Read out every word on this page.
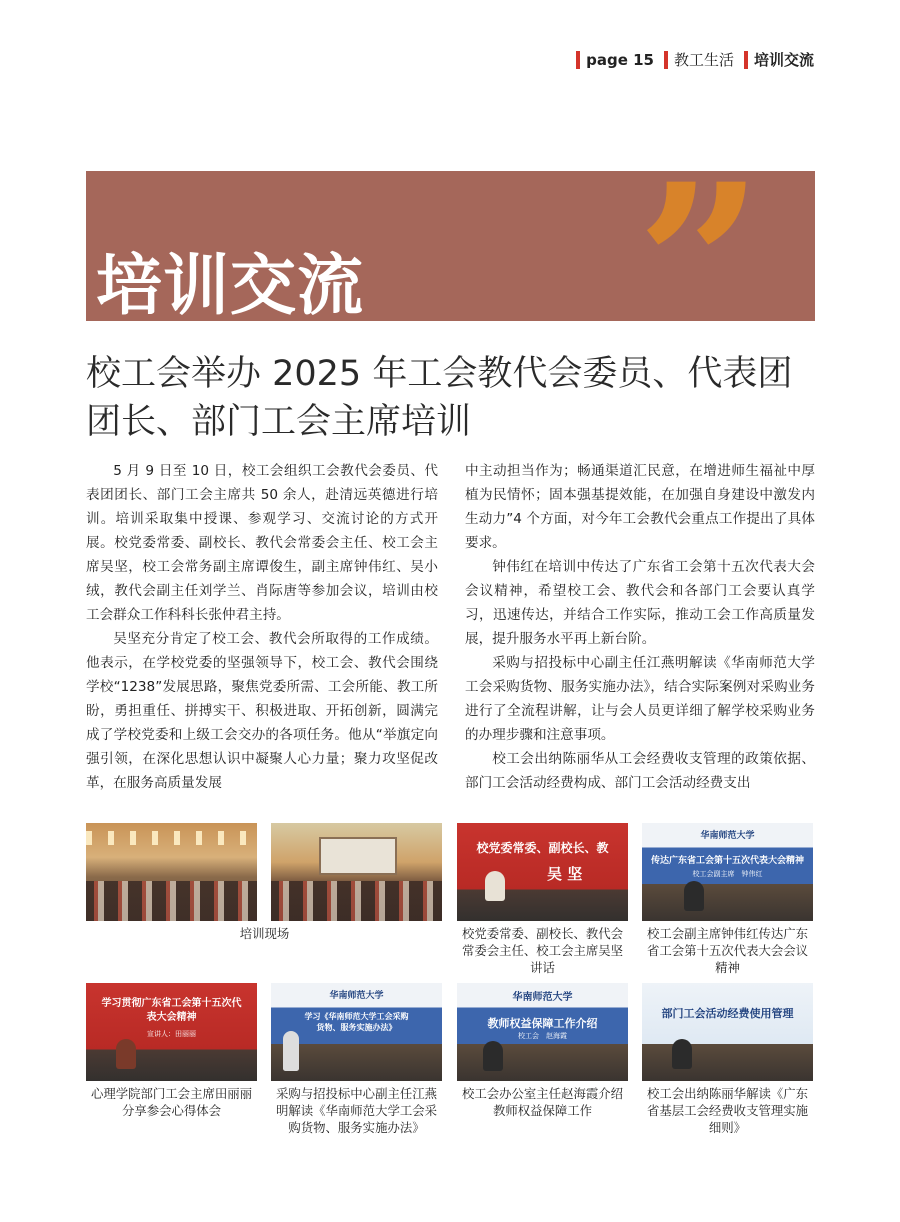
page 15 教工生活 培训交流
培训交流 ”
校工会举办 2025 年工会教代会委员、代表团团长、部门工会主席培训

5 月 9 日至 10 日，校工会组织工会教代会委员、代表团团长、部门工会主席共 50 余人，赴清远英德进行培训。培训采取集中授课、参观学习、交流讨论的方式开展。校党委常委、副校长、教代会常委会主任、校工会主席吴坚，校工会常务副主席谭俊生，副主席钟伟红、吴小绒，教代会副主任刘学兰、肖际唐等参加会议，培训由校工会群众工作科科长张仲君主持。

吴坚充分肯定了校工会、教代会所取得的工作成绩。他表示，在学校党委的坚强领导下，校工会、教代会围绕学校“1238”发展思路，聚焦党委所需、工会所能、教工所盼，勇担重任、拼搏实干、积极进取、开拓创新，圆满完成了学校党委和上级工会交办的各项任务。他从“举旗定向强引领，在深化思想认识中凝聚人心力量；聚力攻坚促改革，在服务高质量发展

中主动担当作为；畅通渠道汇民意，在增进师生福祉中厚植为民情怀；固本强基提效能，在加强自身建设中激发内生动力”4 个方面，对今年工会教代会重点工作提出了具体要求。

钟伟红在培训中传达了广东省工会第十五次代表大会会议精神，希望校工会、教代会和各部门工会要认真学习，迅速传达，并结合工作实际，推动工会工作高质量发展，提升服务水平再上新台阶。

采购与招投标中心副主任江燕明解读《华南师范大学工会采购货物、服务实施办法》，结合实际案例对采购业务进行了全流程讲解，让与会人员更详细了解学校采购业务的办理步骤和注意事项。

校工会出纳陈丽华从工会经费收支管理的政策依据、部门工会活动经费构成、部门工会活动经费支出

校党委常委、副校长、教
吴 坚
华南师范大学
传达广东省工会第十五次代表大会精神
校工会副主席　钟伟红
培训现场	校党委常委、副校长、教代会常委会主任、校工会主席吴坚讲话
校工会副主席钟伟红传达广东省工会第十五次代表大会会议精神
学习贯彻广东省工会第十五次代表大会精神
宣讲人：田丽丽
华南师范大学
学习《华南师范大学工会采购货物、服务实施办法》
华南师范大学
教师权益保障工作介绍
校工会　赵海霞
部门工会活动经费使用管理
心理学院部门工会主席田丽丽分享参会心得体会
采购与招投标中心副主任江燕明解读《华南师范大学工会采购货物、服务实施办法》
校工会办公室主任赵海霞介绍教师权益保障工作
校工会出纳陈丽华解读《广东省基层工会经费收支管理实施细则》
